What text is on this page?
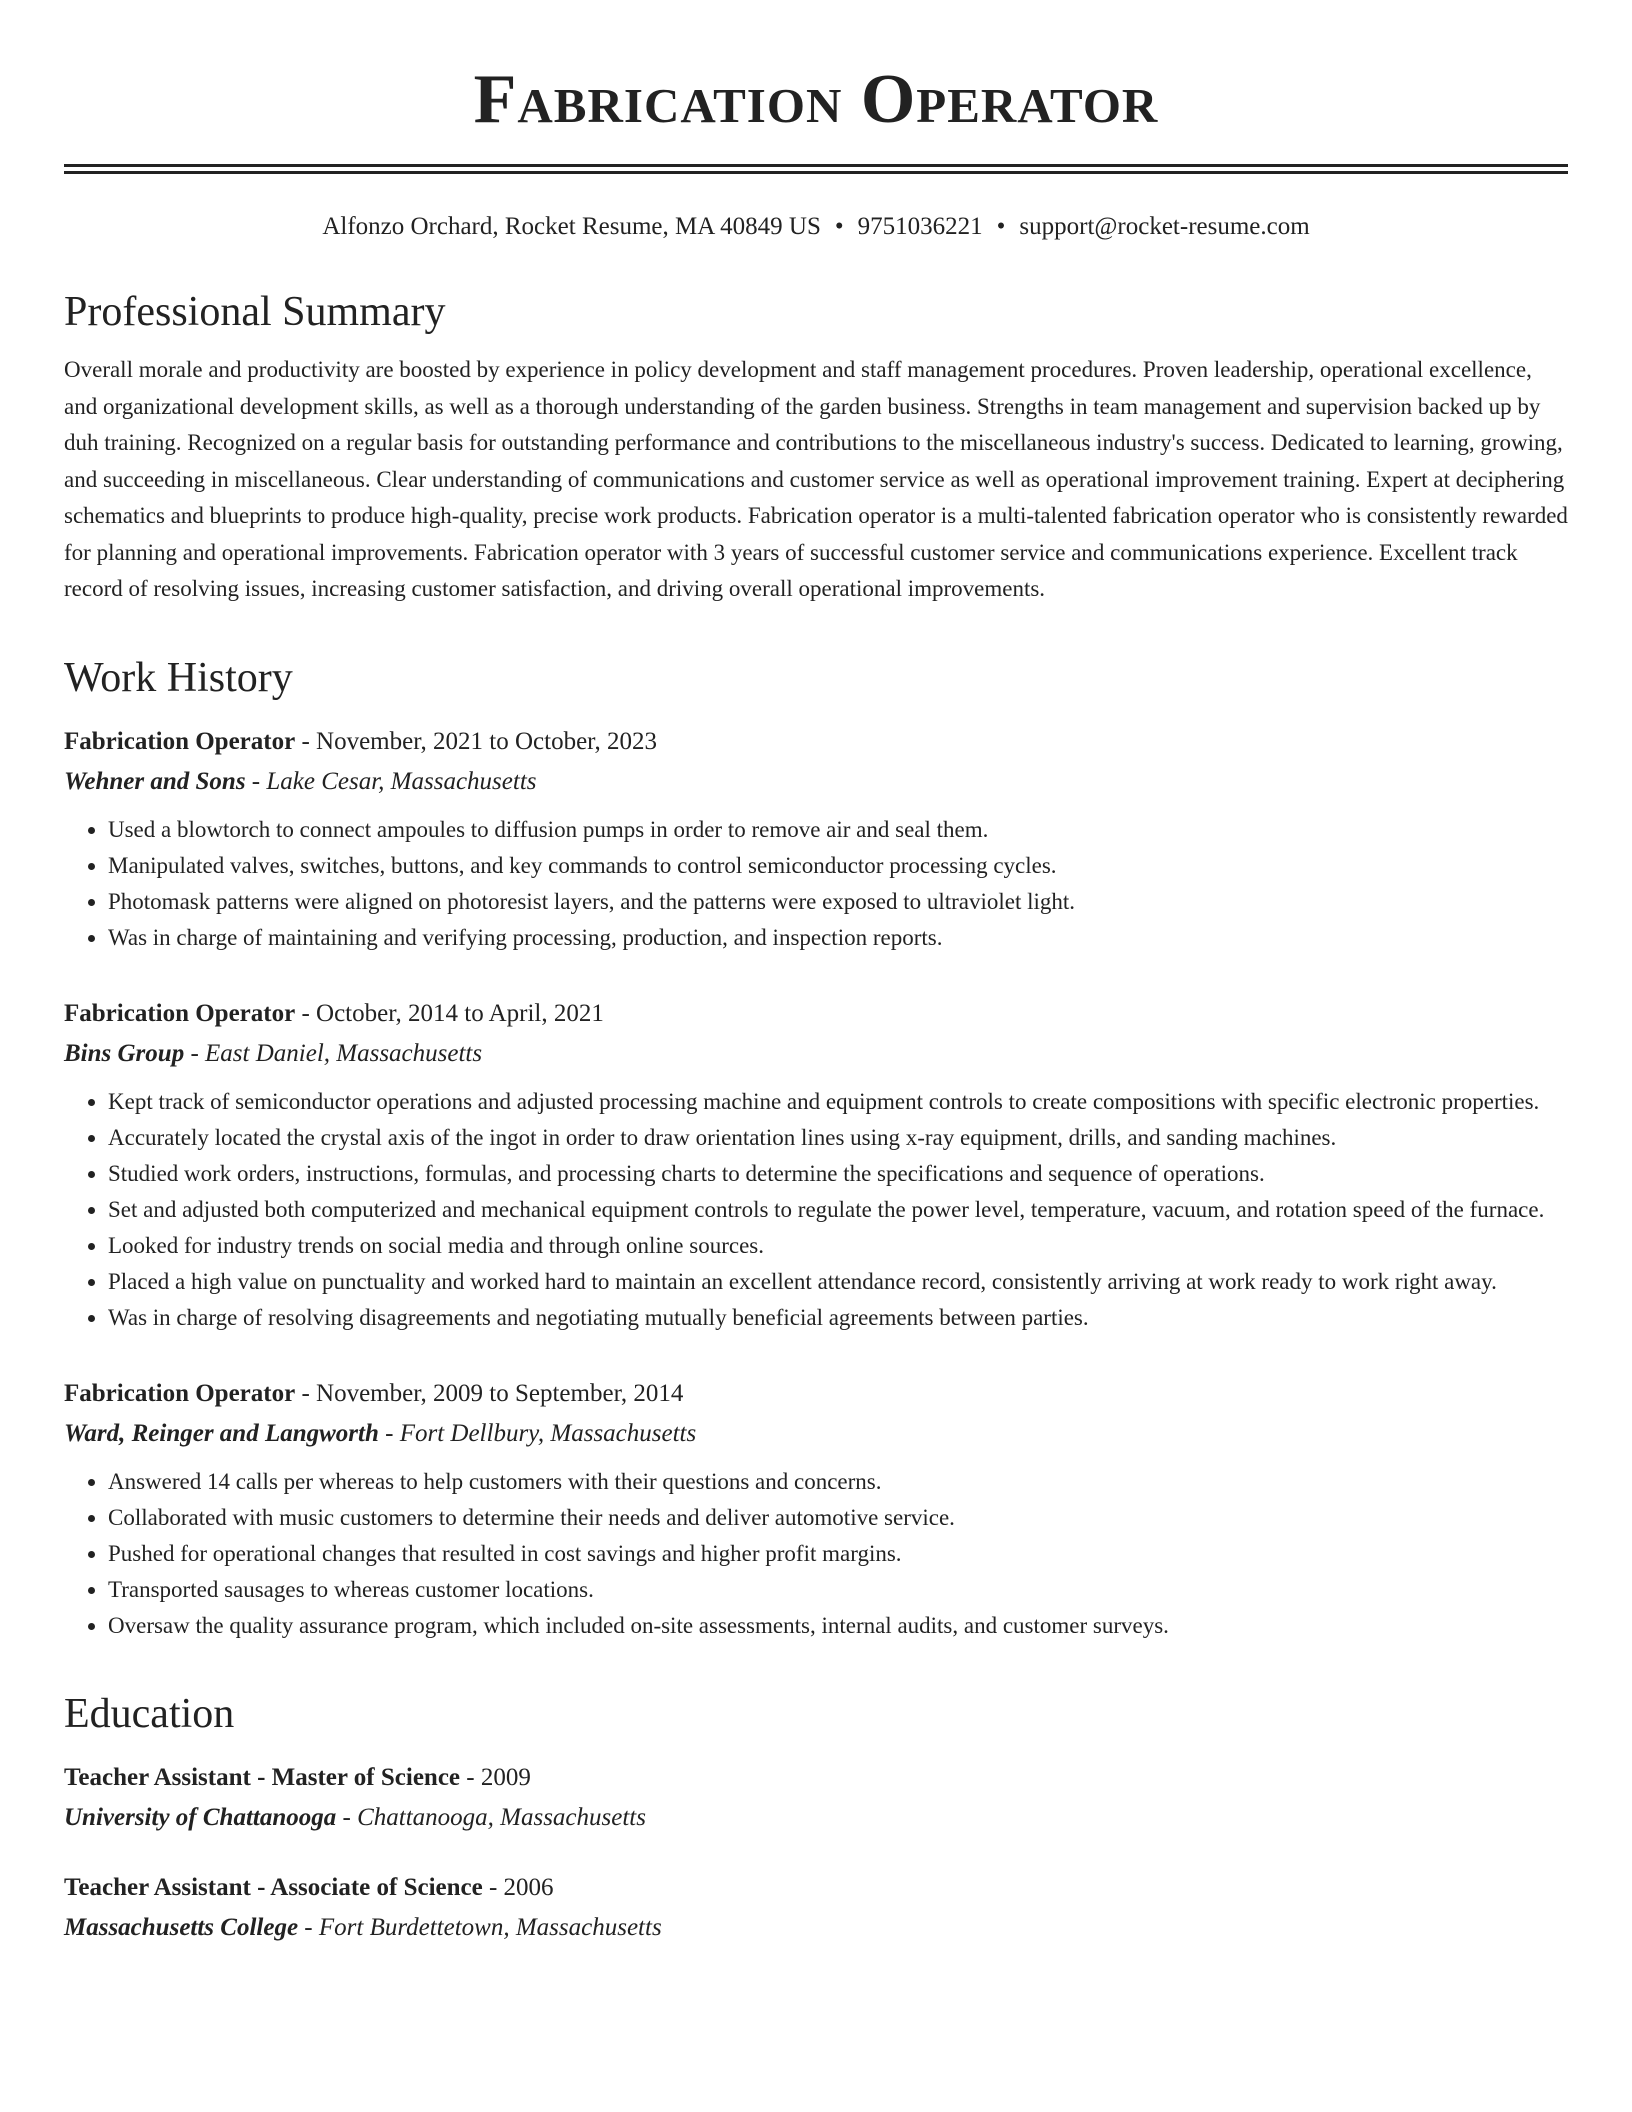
Fabrication Operator
Alfonzo Orchard, Rocket Resume, MA 40849 US • 9751036221 • support@rocket-resume.com
Professional Summary

Overall morale and productivity are boosted by experience in policy development and staff management procedures. Proven leadership, operational excellence, and organizational development skills, as well as a thorough understanding of the garden business. Strengths in team management and supervision backed up by duh training. Recognized on a regular basis for outstanding performance and contributions to the miscellaneous industry's success. Dedicated to learning, growing, and succeeding in miscellaneous. Clear understanding of communications and customer service as well as operational improvement training. Expert at deciphering schematics and blueprints to produce high-quality, precise work products. Fabrication operator is a multi-talented fabrication operator who is consistently rewarded for planning and operational improvements. Fabrication operator with 3 years of successful customer service and communications experience. Excellent track record of resolving issues, increasing customer satisfaction, and driving overall operational improvements.

Work History
Fabrication Operator - November, 2021 to October, 2023
Wehner and Sons - Lake Cesar, Massachusetts
• Used a blowtorch to connect ampoules to diffusion pumps in order to remove air and seal them.
• Manipulated valves, switches, buttons, and key commands to control semiconductor processing cycles.
• Photomask patterns were aligned on photoresist layers, and the patterns were exposed to ultraviolet light.
• Was in charge of maintaining and verifying processing, production, and inspection reports.
Fabrication Operator - October, 2014 to April, 2021
Bins Group - East Daniel, Massachusetts
• Kept track of semiconductor operations and adjusted processing machine and equipment controls to create compositions with specific electronic properties.
• Accurately located the crystal axis of the ingot in order to draw orientation lines using x-ray equipment, drills, and sanding machines.
• Studied work orders, instructions, formulas, and processing charts to determine the specifications and sequence of operations.
• Set and adjusted both computerized and mechanical equipment controls to regulate the power level, temperature, vacuum, and rotation speed of the furnace.
• Looked for industry trends on social media and through online sources.
• Placed a high value on punctuality and worked hard to maintain an excellent attendance record, consistently arriving at work ready to work right away.
• Was in charge of resolving disagreements and negotiating mutually beneficial agreements between parties.
Fabrication Operator - November, 2009 to September, 2014
Ward, Reinger and Langworth - Fort Dellbury, Massachusetts
• Answered 14 calls per whereas to help customers with their questions and concerns.
• Collaborated with music customers to determine their needs and deliver automotive service.
• Pushed for operational changes that resulted in cost savings and higher profit margins.
• Transported sausages to whereas customer locations.
• Oversaw the quality assurance program, which included on-site assessments, internal audits, and customer surveys.
Education
Teacher Assistant - Master of Science - 2009
University of Chattanooga - Chattanooga, Massachusetts
Teacher Assistant - Associate of Science - 2006
Massachusetts College - Fort Burdettetown, Massachusetts
